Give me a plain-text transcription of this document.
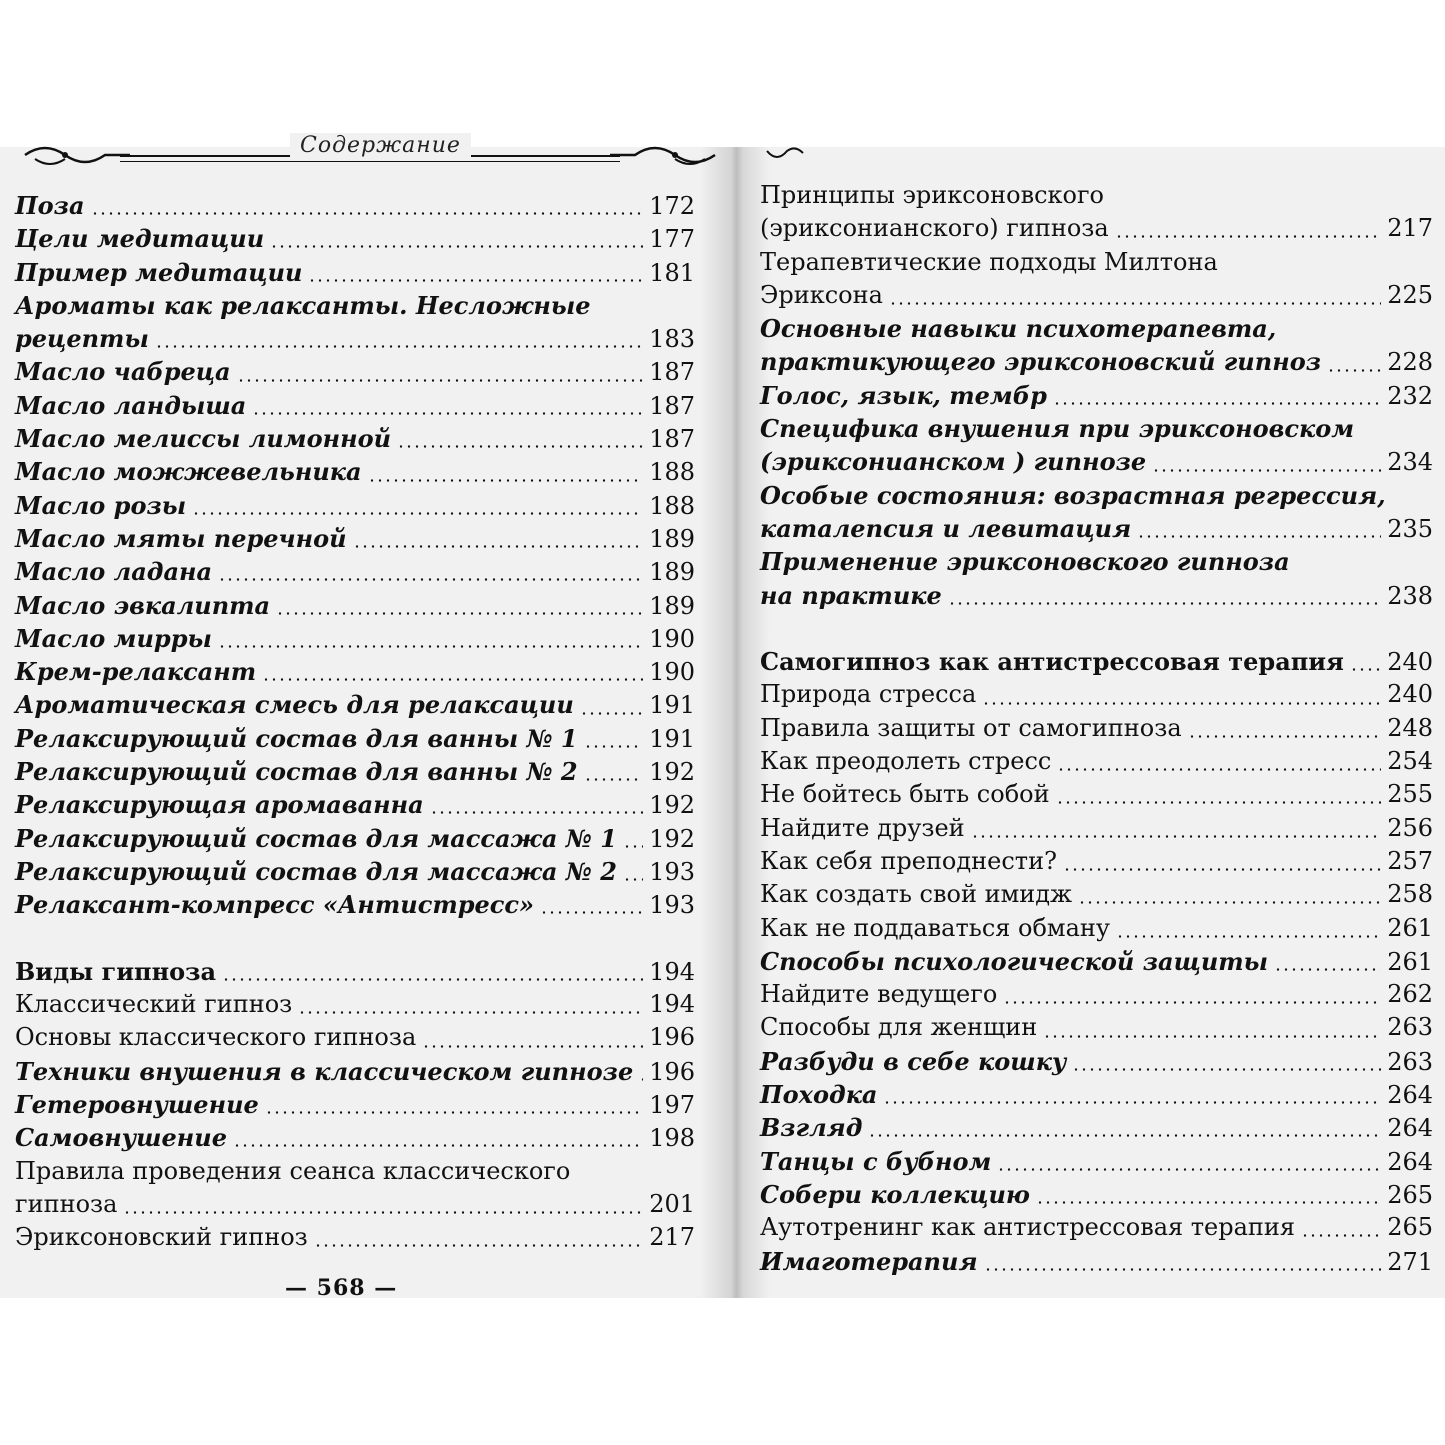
Содержание
Поза	172
Цели медитации	177
Пример медитации	181
Ароматы как релаксанты. Несложные
рецепты	183
Масло чабреца	187
Масло ландыша	187
Масло мелиссы лимонной	187
Масло можжевельника	188
Масло розы	188
Масло мяты перечной	189
Масло ладана	189
Масло эвкалипта	189
Масло мирры	190
Крем-релаксант	190
Ароматическая смесь для релаксации	191
Релаксирующий состав для ванны № 1	191
Релаксирующий состав для ванны № 2	192
Релаксирующая аромаванна	192
Релаксирующий состав для массажа № 1 192
Релаксирующий состав для массажа № 2 193
Релаксант-компресс «Антистресс»	193
Виды гипноза	194
Классический гипноз	194
Основы классического гипноза	196
Техники внушения в классическом гипнозе 196
Гетеровнушение	197
Самовнушение	198
Правила проведения сеанса классического
гипноза	201
Эриксоновский гипноз	217
— 568 —
Принципы эриксоновского
(эриксонианского) гипноза	217
Терапевтические подходы Милтона
Эриксона	225
Основные навыки психотерапевта,
практикующего эриксоновский гипноз	228
Голос, язык, тембр	232
Специфика внушения при эриксоновском
(эриксонианском ) гипнозе	234
Особые состояния: возрастная регрессия,
каталепсия и левитация	235
Применение эриксоновского гипноза
на практике	238
Самогипноз как антистрессовая терапия 240
Природа стресса	240
Правила защиты от самогипноза	248
Как преодолеть стресс	254
Не бойтесь быть собой	255
Найдите друзей	256
Как себя преподнести?	257
Как создать свой имидж	258
Как не поддаваться обману	261
Способы психологической защиты	261
Найдите ведущего	262
Способы для женщин	263
Разбуди в себе кошку	263
Походка	264
Взгляд	264
Танцы с бубном	264
Собери коллекцию	265
Аутотренинг как антистрессовая терапия	265
Имаготерапия	271
